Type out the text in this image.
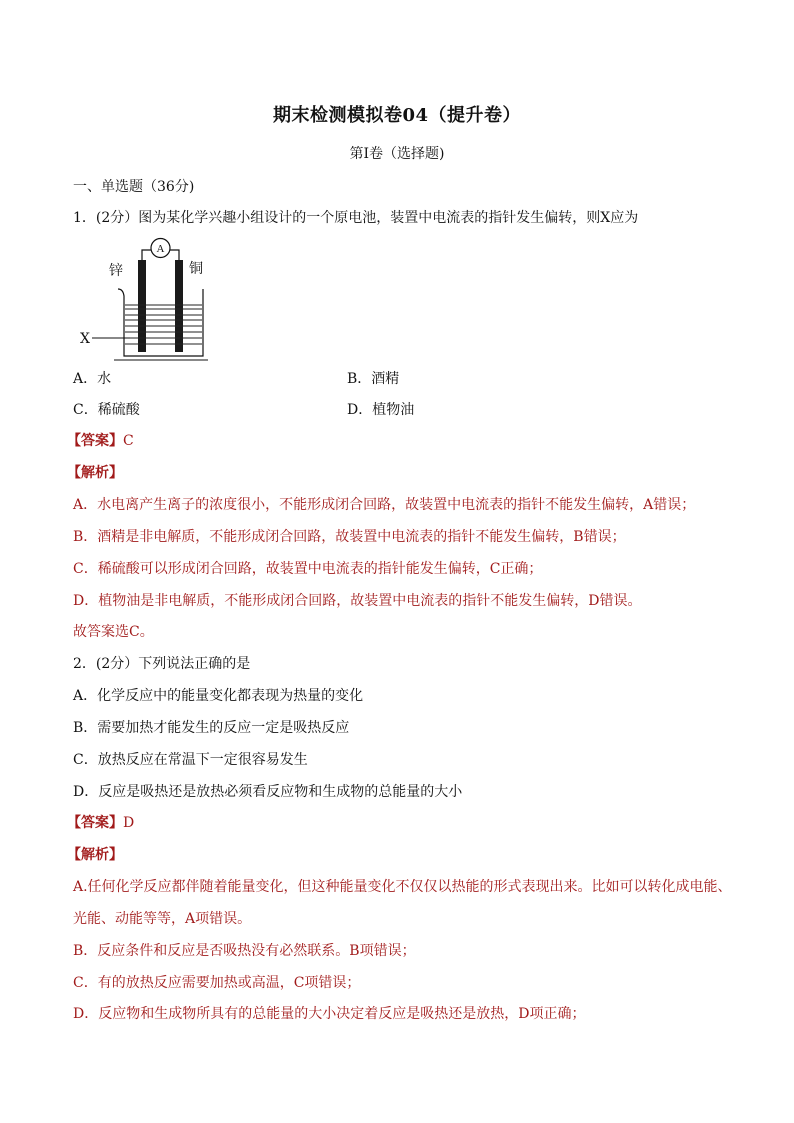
期末检测模拟卷04（提升卷）
第I卷（选择题)
一、单选题（36分)
1．(2分）图为某化学兴趣小组设计的一个原电池，装置中电流表的指针发生偏转，则X应为
A
锌	铜
X
A．水	B．酒精
C．稀硫酸	D．植物油
【答案】C
【解析】
A．水电离产生离子的浓度很小，不能形成闭合回路，故装置中电流表的指针不能发生偏转，A错误；
B．酒精是非电解质，不能形成闭合回路，故装置中电流表的指针不能发生偏转，B错误；
C．稀硫酸可以形成闭合回路，故装置中电流表的指针能发生偏转，C正确；
D．植物油是非电解质，不能形成闭合回路，故装置中电流表的指针不能发生偏转，D错误。
故答案选C。
2．(2分）下列说法正确的是
A．化学反应中的能量变化都表现为热量的变化
B．需要加热才能发生的反应一定是吸热反应
C．放热反应在常温下一定很容易发生
D．反应是吸热还是放热必须看反应物和生成物的总能量的大小
【答案】D
【解析】
A.任何化学反应都伴随着能量变化，但这种能量变化不仅仅以热能的形式表现出来。比如可以转化成电能、
光能、动能等等，A项错误。
B．反应条件和反应是否吸热没有必然联系。B项错误；
C．有的放热反应需要加热或高温，C项错误；
D．反应物和生成物所具有的总能量的大小决定着反应是吸热还是放热，D项正确；
